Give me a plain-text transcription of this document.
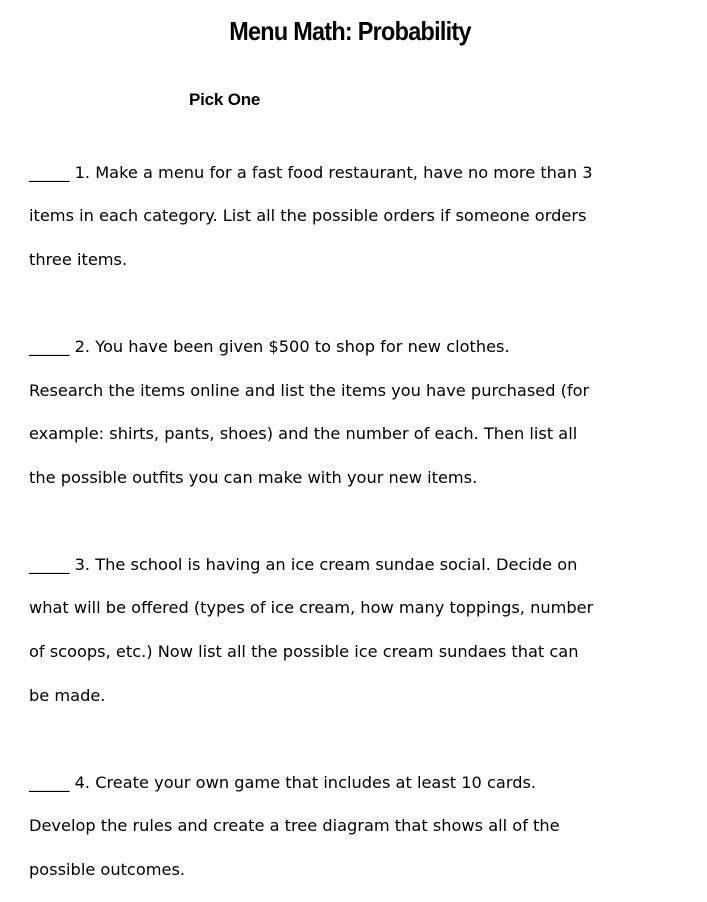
Menu Math: Probability
Pick One

_____ 1. Make a menu for a fast food restaurant, have no more than 3

items in each category. List all the possible orders if someone orders

three items.

_____ 2. You have been given $500 to shop for new clothes.

Research the items online and list the items you have purchased (for

example: shirts, pants, shoes) and the number of each. Then list all

the possible outfits you can make with your new items.

_____ 3. The school is having an ice cream sundae social. Decide on

what will be offered (types of ice cream, how many toppings, number

of scoops, etc.) Now list all the possible ice cream sundaes that can

be made.

_____ 4. Create your own game that includes at least 10 cards.

Develop the rules and create a tree diagram that shows all of the

possible outcomes.
